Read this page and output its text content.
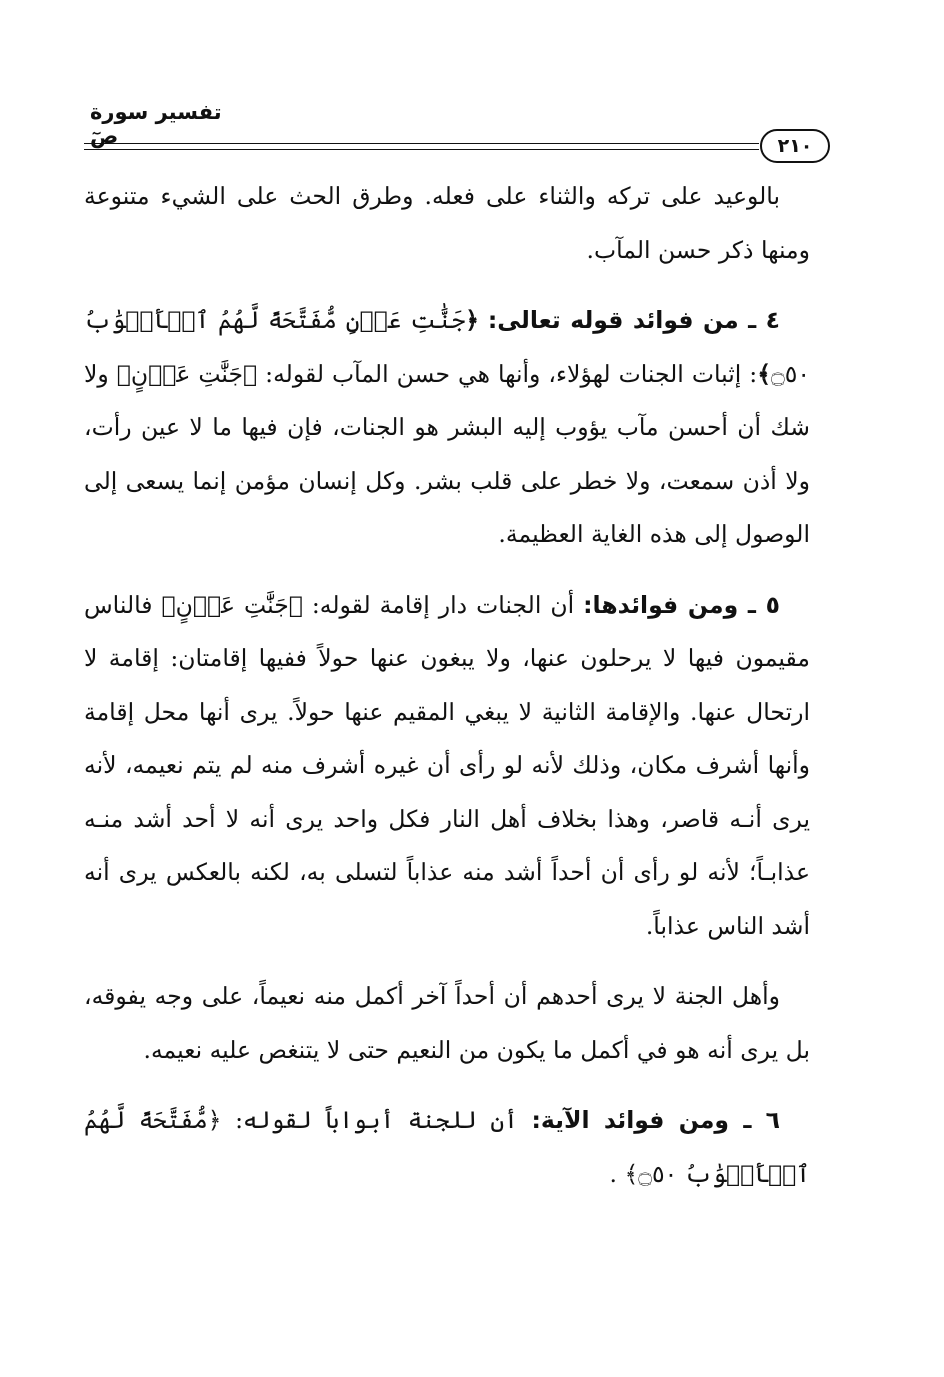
تفسير سورة صٓ	٢١٠

بالوعيد على تركه والثناء على فعله. وطرق الحث على الشيء متنوعة ومنها ذكر حسن المآب.

٤ ـ من فوائد قوله تعالى: ﴿جَنَّٰتِ عَدۡنٍ مُّفَتَّحَةً لَّهُمُ ٱلۡأَبۡوَٰبُ ۝٥٠﴾: إثبات الجنات لهؤلاء، وأنها هي حسن المآب لقوله: ﴿جَنَّٰتِ عَدۡنٍ﴾ ولا شك أن أحسن مآب يؤوب إليه البشر هو الجنات، فإن فيها ما لا عين رأت، ولا أذن سمعت، ولا خطر على قلب بشر. وكل إنسان مؤمن إنما يسعى إلى الوصول إلى هذه الغاية العظيمة.

٥ ـ ومن فوائدها: أن الجنات دار إقامة لقوله: ﴿جَنَّٰتِ عَدۡنٍ﴾ فالناس مقيمون فيها لا يرحلون عنها، ولا يبغون عنها حولاً ففيها إقامتان: إقامة لا ارتحال عنها. والإقامة الثانية لا يبغي المقيم عنها حولاً. يرى أنها محل إقامة وأنها أشرف مكان، وذلك لأنه لو رأى أن غيره أشرف منه لم يتم نعيمه، لأنه يرى أنـه قاصر، وهذا بخلاف أهل النار فكل واحد يرى أنه لا أحد أشد منـه عذابـاً؛ لأنه لو رأى أن أحداً أشد منه عذاباً لتسلى به، لكنه بالعكس يرى أنه أشد الناس عذاباً.

وأهل الجنة لا يرى أحدهم أن أحداً آخر أكمل منه نعيماً، على وجه يفوقه، بل يرى أنه هو في أكمل ما يكون من النعيم حتى لا يتنغص عليه نعيمه.

٦ ـ ومن فوائد الآية: أن للجنة أبواباً لقوله: ﴿مُّفَتَّحَةً لَّهُمُ ٱلۡأَبۡوَٰبُ ۝٥٠﴾ .
